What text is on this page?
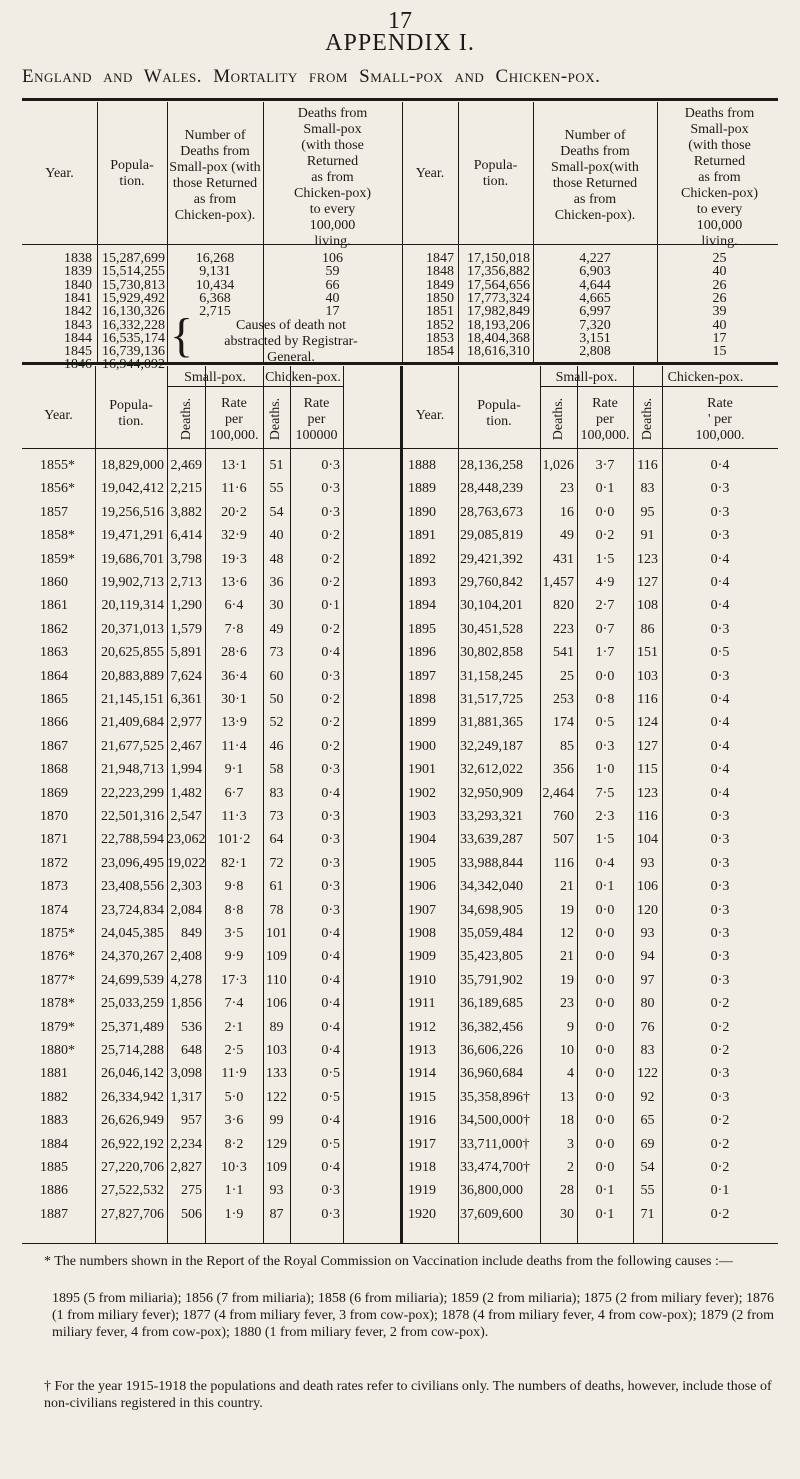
17
APPENDIX I.
England and Wales. Mortality from Small-pox and Chicken-pox.
* The numbers shown in the Report of the Royal Commission on Vaccination include deaths from the following causes :—
1895 (5 from miliaria); 1856 (7 from miliaria); 1858 (6 from miliaria); 1859 (2 from miliaria); 1875 (2 from miliary fever); 1876 (1 from miliary fever); 1877 (4 from miliary fever, 3 from cow-pox); 1878 (4 from miliary fever, 4 from cow-pox); 1879 (2 from miliary fever, 4 from cow-pox); 1880 (1 from miliary fever, 2 from cow-pox).
† For the year 1915-1918 the populations and death rates refer to civilians only. The numbers of deaths, however, include those of non-civilians registered in this country.
Year.
Popula-
tion.
Number of
Deaths from
Small-pox (with
those Returned
as from
Chicken-pox).
Deaths from
Small-pox
(with those
Returned
as from
Chicken-pox)
to every
100,000
living.
Year.
Popula-
tion.
Number of
Deaths from
Small-pox(with
those Returned
as from
Chicken-pox).
Deaths from
Small-pox
(with those
Returned
as from
Chicken-pox)
to every
100,000
living.
1838 15,287,699	16,268	106
1839 15,514,255	9,131	59
1840 15,730,813	10,434	66
1841 15,929,492	6,368	40
1842 16,130,326	2,715	17
1843 16,332,228
1844 16,535,174
1845 16,739,136
1846 16,944,092
{	Causes of death not
abstracted by Registrar-
General.
1847 17,150,018	4,227	25
1848 17,356,882	6,903	40
1849 17,564,656	4,644	26
1850 17,773,324	4,665	26
1851 17,982,849	6,997	39
1852 18,193,206	7,320	40
1853 18,404,368	3,151	17
1854 18,616,310	2,808	15
Year.
Popula-
tion.
Small-pox.	Chicken-pox.
Rate
per
100,000.
Rate
per
100000
Deaths.	Deaths.	Year.
Popula-
tion.
Small-pox.	Chicken-pox.
Rate
per
100,000.
Rate
' per
100,000.
Deaths.	Deaths.
1855*	18,829,000 2,469	13·1	51	0·3
1856*	19,042,412 2,215	11·6	55	0·3
1857	19,256,516 3,882	20·2	54	0·3
1858*	19,471,291 6,414	32·9	40	0·2
1859*	19,686,701 3,798	19·3	48	0·2
1860	19,902,713 2,713	13·6	36	0·2
1861	20,119,314 1,290	6·4	30	0·1
1862	20,371,013 1,579	7·8	49	0·2
1863	20,625,855 5,891	28·6	73	0·4
1864	20,883,889 7,624	36·4	60	0·3
1865	21,145,151 6,361	30·1	50	0·2
1866	21,409,684 2,977	13·9	52	0·2
1867	21,677,525 2,467	11·4	46	0·2
1868	21,948,713 1,994	9·1	58	0·3
1869	22,223,299 1,482	6·7	83	0·4
1870	22,501,316 2,547	11·3	73	0·3
1871	22,788,594 23,062 101·2	64	0·3
1872	23,096,495 19,022	82·1	72	0·3
1873	23,408,556 2,303	9·8	61	0·3
1874	23,724,834 2,084	8·8	78	0·3
1875*	24,045,385	849	3·5	101	0·4
1876*	24,370,267 2,408	9·9	109	0·4
1877*	24,699,539 4,278	17·3	110	0·4
1878*	25,033,259 1,856	7·4	106	0·4
1879*	25,371,489	536	2·1	89	0·4
1880*	25,714,288	648	2·5	103	0·4
1881	26,046,142 3,098	11·9	133	0·5
1882	26,334,942 1,317	5·0	122	0·5
1883	26,626,949	957	3·6	99	0·4
1884	26,922,192 2,234	8·2	129	0·5
1885	27,220,706 2,827	10·3	109	0·4
1886	27,522,532	275	1·1	93	0·3
1887	27,827,706	506	1·9	87	0·3
1888	28,136,258	1,026	3·7	116	0·4
1889	28,448,239	23	0·1	83	0·3
1890	28,763,673	16	0·0	95	0·3
1891	29,085,819	49	0·2	91	0·3
1892	29,421,392	431	1·5	123	0·4
1893	29,760,842	1,457	4·9	127	0·4
1894	30,104,201	820	2·7	108	0·4
1895	30,451,528	223	0·7	86	0·3
1896	30,802,858	541	1·7	151	0·5
1897	31,158,245	25	0·0	103	0·3
1898	31,517,725	253	0·8	116	0·4
1899	31,881,365	174	0·5	124	0·4
1900	32,249,187	85	0·3	127	0·4
1901	32,612,022	356	1·0	115	0·4
1902	32,950,909	2,464	7·5	123	0·4
1903	33,293,321	760	2·3	116	0·3
1904	33,639,287	507	1·5	104	0·3
1905	33,988,844	116	0·4	93	0·3
1906	34,342,040	21	0·1	106	0·3
1907	34,698,905	19	0·0	120	0·3
1908	35,059,484	12	0·0	93	0·3
1909	35,423,805	21	0·0	94	0·3
1910	35,791,902	19	0·0	97	0·3
1911	36,189,685	23	0·0	80	0·2
1912	36,382,456	9	0·0	76	0·2
1913	36,606,226	10	0·0	83	0·2
1914	36,960,684	4	0·0	122	0·3
1915	35,358,896†	13	0·0	92	0·3
1916	34,500,000†	18	0·0	65	0·2
1917	33,711,000†	3	0·0	69	0·2
1918	33,474,700†	2	0·0	54	0·2
1919	36,800,000	28	0·1	55	0·1
1920	37,609,600	30	0·1	71	0·2
